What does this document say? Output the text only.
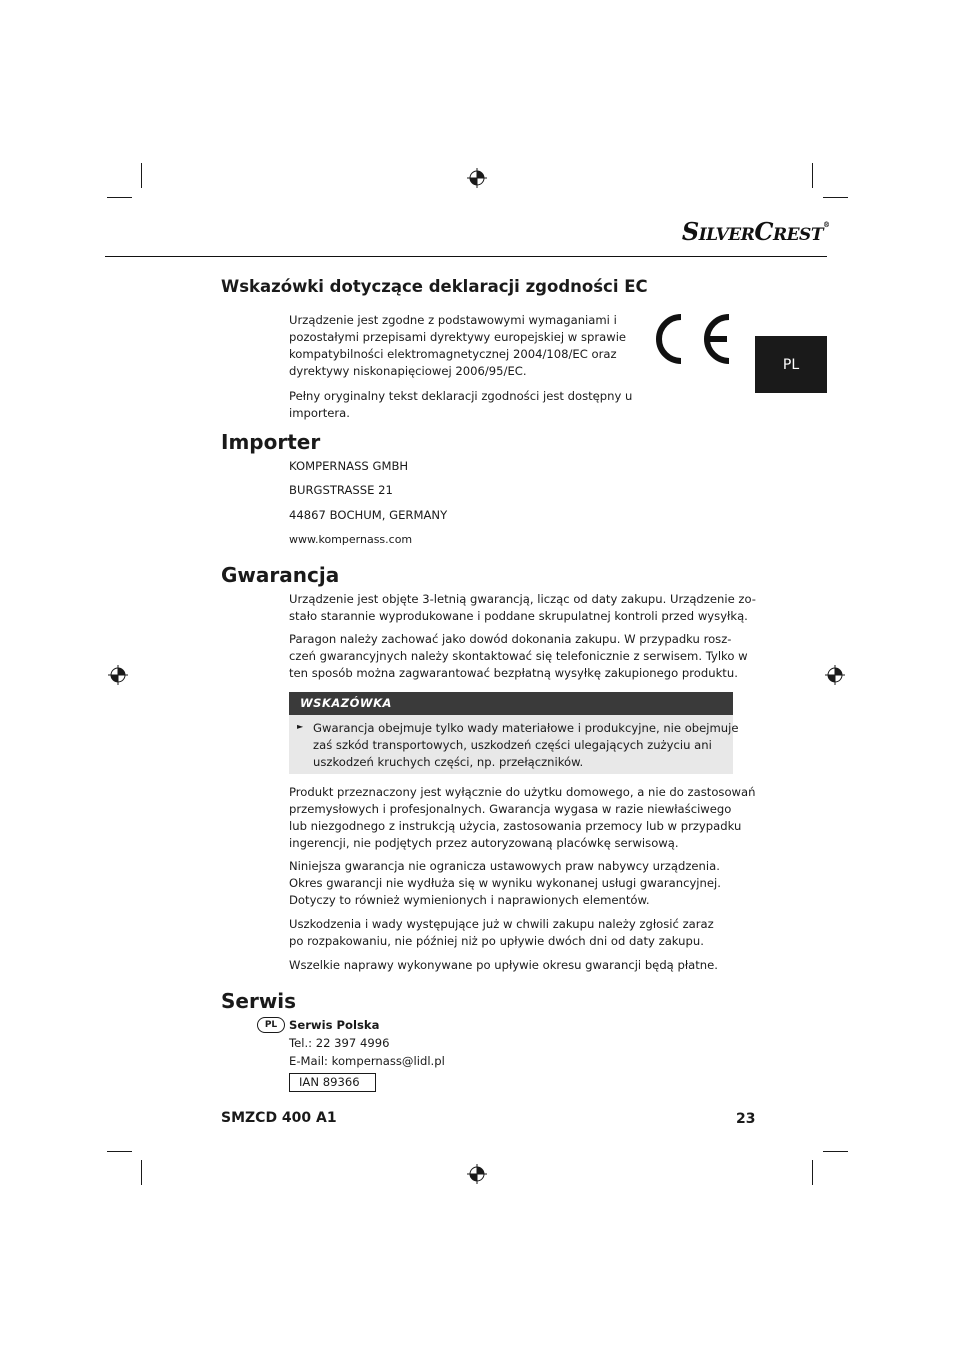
SilverCrest®
Wskazówki dotyczące deklaracji zgodności EC

Urządzenie jest zgodne z podstawowymi wymaganiami i

pozostałymi przepisami dyrektywy europejskiej w sprawie

kompatybilności elektromagnetycznej 2004/108/EC oraz

dyrektywy niskonapięciowej 2006/95/EC.

Pełny oryginalny tekst deklaracji zgodności jest dostępny u

importera.

PL
Importer

KOMPERNASS GMBH

BURGSTRASSE 21

44867 BOCHUM, GERMANY

www.kompernass.com

Gwarancja

Urządzenie jest objęte 3-letnią gwarancją, licząc od daty zakupu. Urządzenie zo-

stało starannie wyprodukowane i poddane skrupulatnej kontroli przed wysyłką.

Paragon należy zachować jako dowód dokonania zakupu. W przypadku rosz-

czeń gwarancyjnych należy skontaktować się telefonicznie z serwisem. Tylko w

ten sposób można zagwarantować bezpłatną wysyłkę zakupionego produktu.

WSKAZÓWKA
► Gwarancja obejmuje tylko wady materiałowe i produkcyjne, nie obejmuje

zaś szkód transportowych, uszkodzeń części ulegających zużyciu ani

uszkodzeń kruchych części, np. przełączników.

Produkt przeznaczony jest wyłącznie do użytku domowego, a nie do zastosowań

przemysłowych i profesjonalnych. Gwarancja wygasa w razie niewłaściwego

lub niezgodnego z instrukcją użycia, zastosowania przemocy lub w przypadku

ingerencji, nie podjętych przez autoryzowaną placówkę serwisową.

Niniejsza gwarancja nie ogranicza ustawowych praw nabywcy urządzenia.

Okres gwarancji nie wydłuża się w wyniku wykonanej usługi gwarancyjnej.

Dotyczy to również wymienionych i naprawionych elementów.

Uszkodzenia i wady występujące już w chwili zakupu należy zgłosić zaraz

po rozpakowaniu, nie później niż po upływie dwóch dni od daty zakupu.

Wszelkie naprawy wykonywane po upływie okresu gwarancji będą płatne.

Serwis
PL	Serwis Polska

Tel.: 22 397 4996

E-Mail: kompernass@lidl.pl

IAN 89366
SMZCD 400 A1	23
